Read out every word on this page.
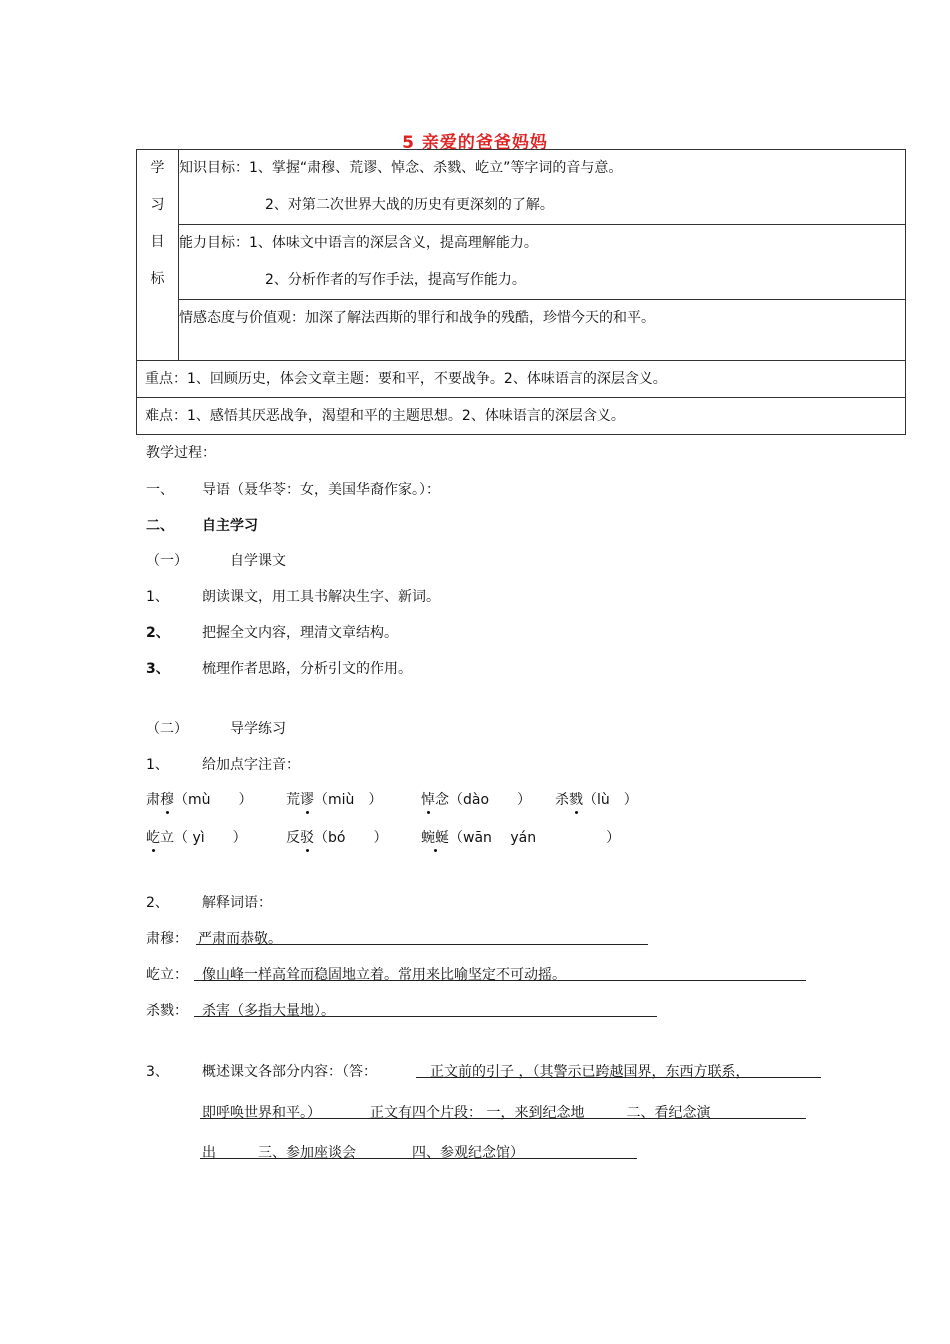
5 亲爱的爸爸妈妈
学
习
目
标

知识目标：1、掌握“肃穆、荒谬、悼念、杀戮、屹立”等字词的音与意。
2、对第二次世界大战的历史有更深刻的了解。

能力目标：1、体味文中语言的深层含义，提高理解能力。
2、分析作者的写作手法，提高写作能力。

情感态度与价值观：加深了解法西斯的罪行和战争的残酷，珍惜今天的和平。

重点：1、回顾历史，体会文章主题：要和平，不要战争。2、体味语言的深层含义。

难点：1、感悟其厌恶战争，渴望和平的主题思想。2、体味语言的深层含义。
教学过程：
一、 导语（聂华苓：女，美国华裔作家。）：
二、 自主学习
（一）	自学课文
1、 朗读课文，用工具书解决生字、新词。
2、 把握全文内容，理清文章结构。
3、 梳理作者思路，分析引文的作用。
（二）	导学练习
1、 给加点字注音：
肃穆（mù　　） 荒谬（miù　）	悼念（dào　　） 杀戮（lù　）
屹立（ yì　　）	反驳（bó　　） 蜿蜒（wān　 yán　　　　　）
2、 解释词语：
肃穆： 严肃而恭敬。
屹立： 像山峰一样高耸而稳固地立着。常用来比喻坚定不可动摇。
杀戮： 杀害（多指大量地）。
3、 概述课文各部分内容：（答：	正文前的引子 ，（其警示已跨越国界，东西方联系，
即呼唤世界和平。）　　　　正文有四个片段： 一，来到纪念地　　　二、看纪念演
出　　　三、参加座谈会　　　　四、参观纪念馆）
